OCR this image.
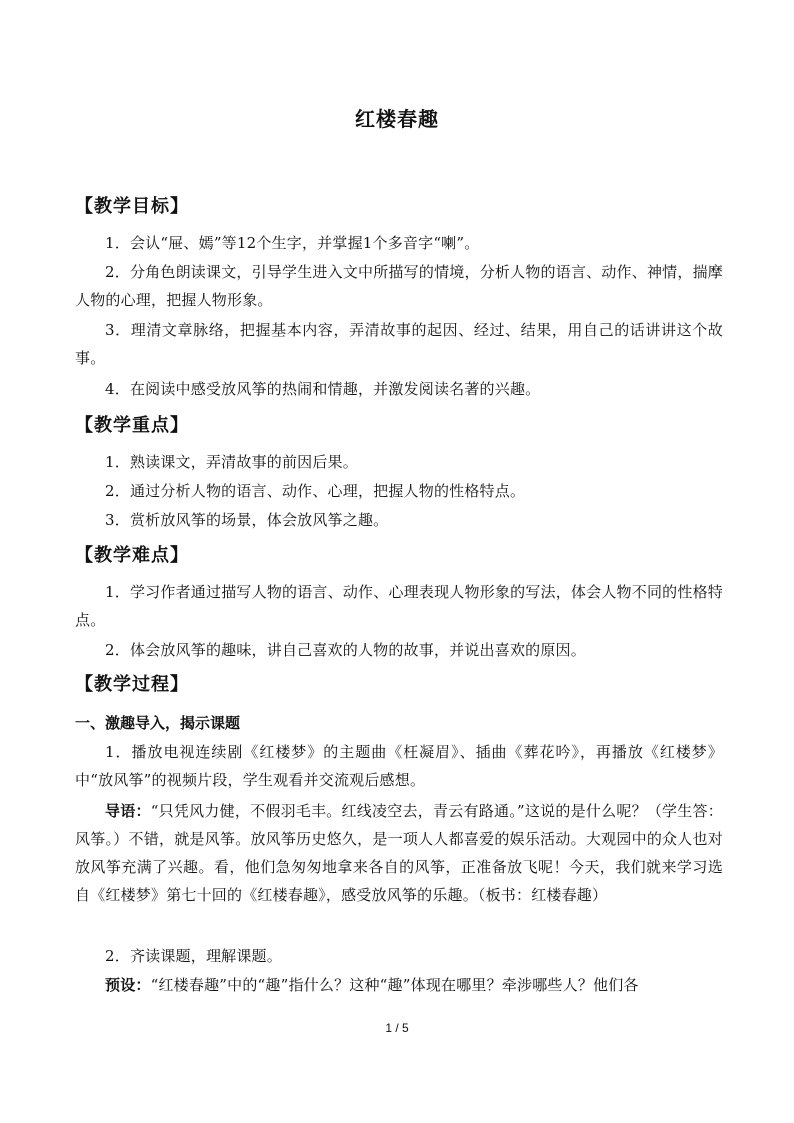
红楼春趣
【教学目标】
1．会认“屉、嫣”等12个生字，并掌握1个多音字“喇”。
2．分角色朗读课文，引导学生进入文中所描写的情境，分析人物的语言、动作、神情，揣摩人物的心理，把握人物形象。
3．理清文章脉络，把握基本内容，弄清故事的起因、经过、结果，用自己的话讲讲这个故事。
4．在阅读中感受放风筝的热闹和情趣，并激发阅读名著的兴趣。
【教学重点】
1．熟读课文，弄清故事的前因后果。
2．通过分析人物的语言、动作、心理，把握人物的性格特点。
3．赏析放风筝的场景，体会放风筝之趣。
【教学难点】
1．学习作者通过描写人物的语言、动作、心理表现人物形象的写法，体会人物不同的性格特点。
2．体会放风筝的趣味，讲自己喜欢的人物的故事，并说出喜欢的原因。
【教学过程】
一、激趣导入，揭示课题
1．播放电视连续剧《红楼梦》的主题曲《枉凝眉》、插曲《葬花吟》，再播放《红楼梦》中“放风筝”的视频片段，学生观看并交流观后感想。
导语：“只凭风力健，不假羽毛丰。红线凌空去，青云有路通。”这说的是什么呢？（学生答：风筝。）不错，就是风筝。放风筝历史悠久，是一项人人都喜爱的娱乐活动。大观园中的众人也对放风筝充满了兴趣。看，他们急匆匆地拿来各自的风筝，正准备放飞呢！今天，我们就来学习选自《红楼梦》第七十回的《红楼春趣》，感受放风筝的乐趣。（板书：红楼春趣）
2．齐读课题，理解课题。
预设：“红楼春趣”中的“趣”指什么？这种“趣”体现在哪里？牵涉哪些人？他们各
1 / 5
